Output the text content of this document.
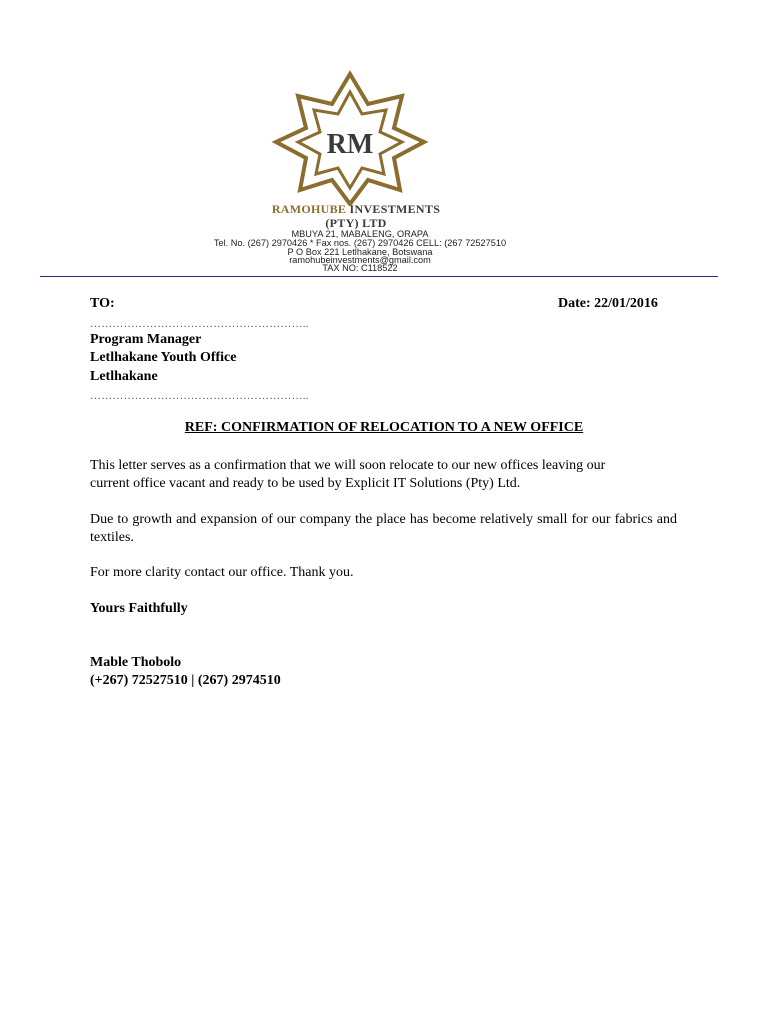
RM
RAMOHUBE INVESTMENTS
(PTY) LTD
MBUYA 21, MABALENG, ORAPA
Tel. No. (267) 2970426 * Fax nos. (267) 2970426 CELL: (267 72527510
P O Box 221 Letlhakane, Botswana
ramohubeinvestments@gmail.com
TAX NO: C118522
TO:	Date: 22/01/2016
…………………………………………………..
Program Manager
Letlhakane Youth Office
Letlhakane
…………………………………………………..
REF: CONFIRMATION OF RELOCATION TO A NEW OFFICE
This letter serves as a confirmation that we will soon relocate to our new offices leaving our
current office vacant and ready to be used by Explicit IT Solutions (Pty) Ltd.
Due to growth and expansion of our company the place has become relatively small for our fabrics and textiles.
For more clarity contact our office. Thank you.
Yours Faithfully
Mable Thobolo
(+267) 72527510 | (267) 2974510
